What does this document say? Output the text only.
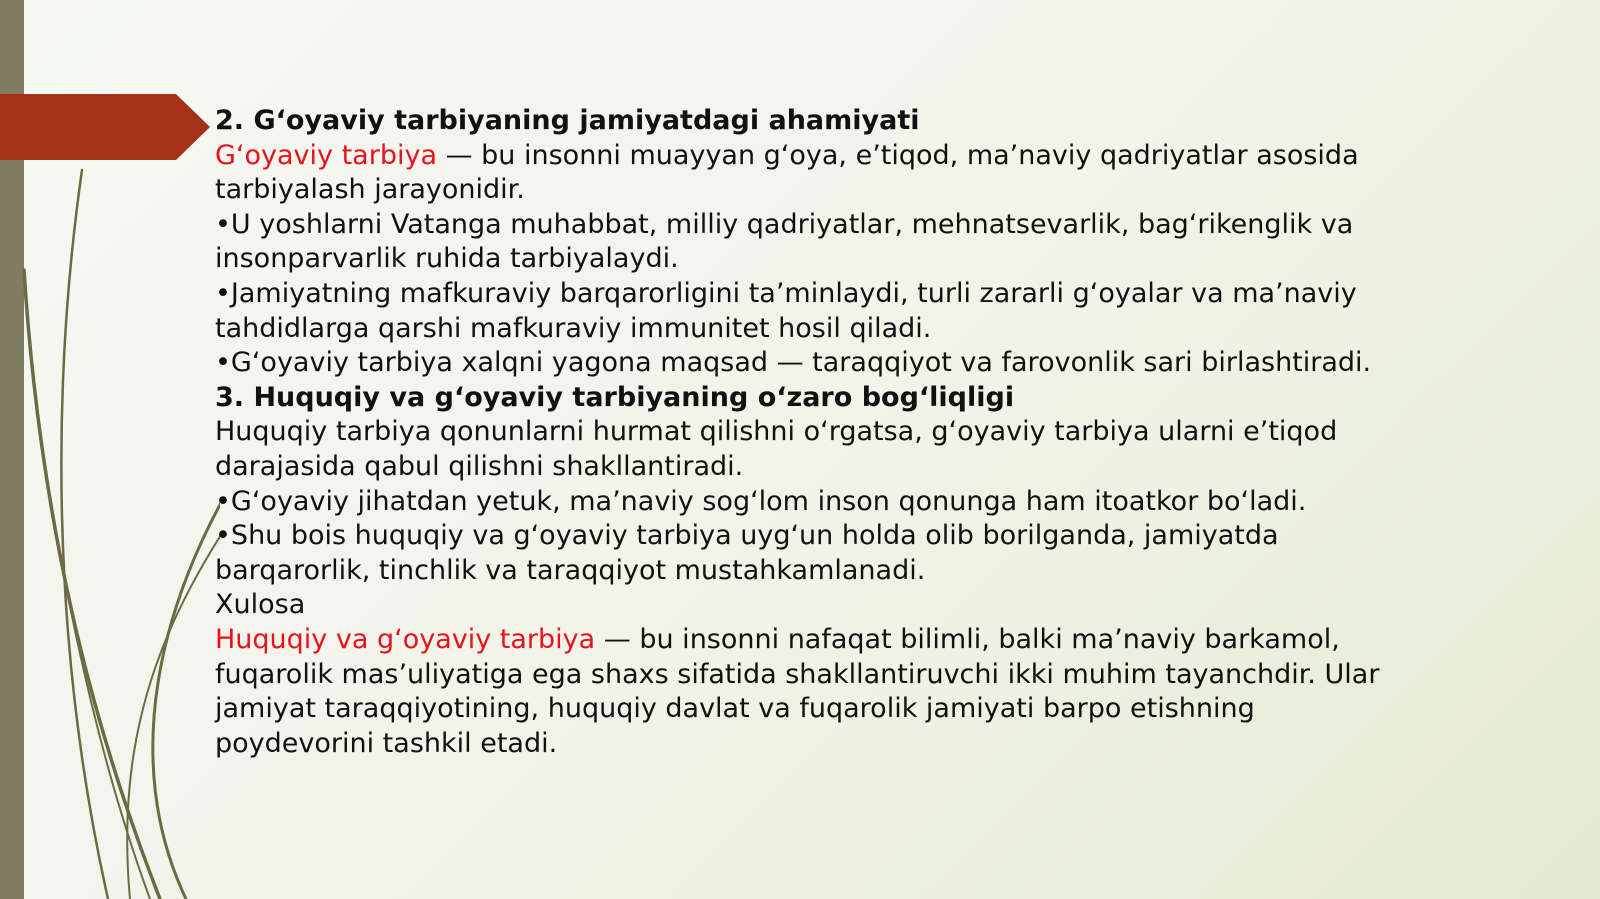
2. G‘oyaviy tarbiyaning jamiyatdagi ahamiyati

G‘oyaviy tarbiya — bu insonni muayyan g‘oya, e’tiqod, ma’naviy qadriyatlar asosida tarbiyalash jarayonidir.

•U yoshlarni Vatanga muhabbat, milliy qadriyatlar, mehnatsevarlik, bag‘rikenglik va insonparvarlik ruhida tarbiyalaydi.

•Jamiyatning mafkuraviy barqarorligini ta’minlaydi, turli zararli g‘oyalar va ma’naviy tahdidlarga qarshi mafkuraviy immunitet hosil qiladi.

•G‘oyaviy tarbiya xalqni yagona maqsad — taraqqiyot va farovonlik sari birlashtiradi.

3. Huquqiy va g‘oyaviy tarbiyaning o‘zaro bog‘liqligi

Huquqiy tarbiya qonunlarni hurmat qilishni o‘rgatsa, g‘oyaviy tarbiya ularni e’tiqod darajasida qabul qilishni shakllantiradi.

•G‘oyaviy jihatdan yetuk, ma’naviy sog‘lom inson qonunga ham itoatkor bo‘ladi.

•Shu bois huquqiy va g‘oyaviy tarbiya uyg‘un holda olib borilganda, jamiyatda barqarorlik, tinchlik va taraqqiyot mustahkamlanadi.

Xulosa

Huquqiy va g‘oyaviy tarbiya — bu insonni nafaqat bilimli, balki ma’naviy barkamol, fuqarolik mas’uliyatiga ega shaxs sifatida shakllantiruvchi ikki muhim tayanchdir. Ular jamiyat taraqqiyotining, huquqiy davlat va fuqarolik jamiyati barpo etishning poydevorini tashkil etadi.
